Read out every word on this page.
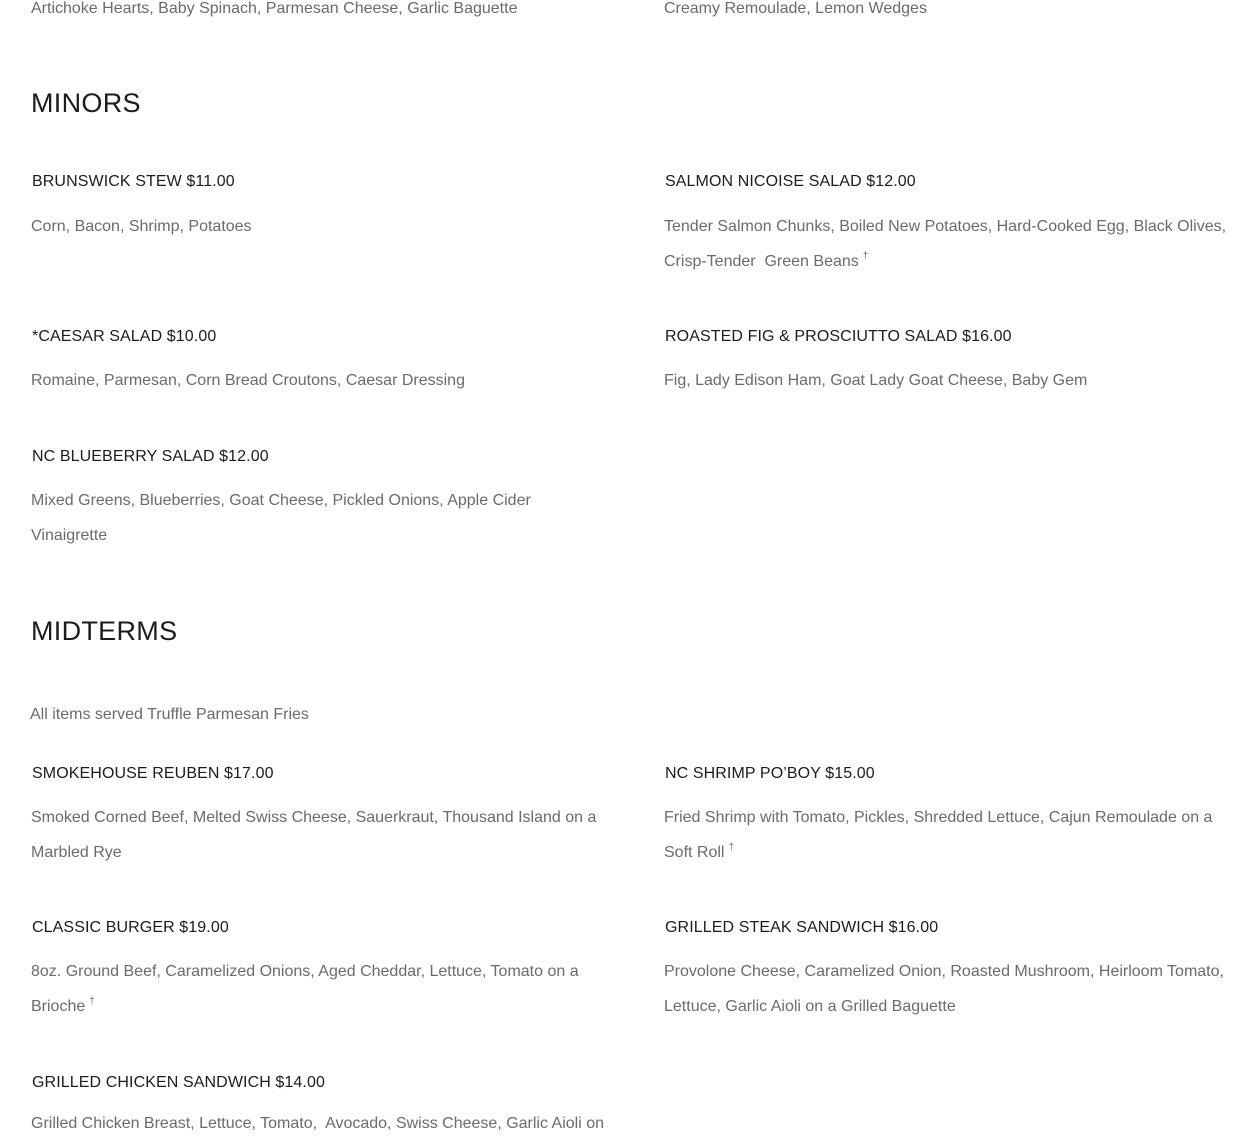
Artichoke Hearts, Baby Spinach, Parmesan Cheese, Garlic Baguette	Creamy Remoulade, Lemon Wedges
MINORS
BRUNSWICK STEW $11.00
Corn, Bacon, Shrimp, Potatoes
SALMON NICOISE SALAD $12.00
Tender Salmon Chunks, Boiled New Potatoes, Hard-Cooked Egg, Black Olives,
Crisp-Tender  Green Beans †
*CAESAR SALAD $10.00
Romaine, Parmesan, Corn Bread Croutons, Caesar Dressing
ROASTED FIG & PROSCIUTTO SALAD $16.00
Fig, Lady Edison Ham, Goat Lady Goat Cheese, Baby Gem
NC BLUEBERRY SALAD $12.00
Mixed Greens, Blueberries, Goat Cheese, Pickled Onions, Apple Cider
Vinaigrette
MIDTERMS
All items served Truffle Parmesan Fries
SMOKEHOUSE REUBEN $17.00
Smoked Corned Beef, Melted Swiss Cheese, Sauerkraut, Thousand Island on a
Marbled Rye
NC SHRIMP PO’BOY $15.00
Fried Shrimp with Tomato, Pickles, Shredded Lettuce, Cajun Remoulade on a
Soft Roll †
CLASSIC BURGER $19.00
8oz. Ground Beef, Caramelized Onions, Aged Cheddar, Lettuce, Tomato on a
Brioche †
GRILLED STEAK SANDWICH $16.00
Provolone Cheese, Caramelized Onion, Roasted Mushroom, Heirloom Tomato,
Lettuce, Garlic Aioli on a Grilled Baguette
GRILLED CHICKEN SANDWICH $14.00
Grilled Chicken Breast, Lettuce, Tomato,  Avocado, Swiss Cheese, Garlic Aioli on
